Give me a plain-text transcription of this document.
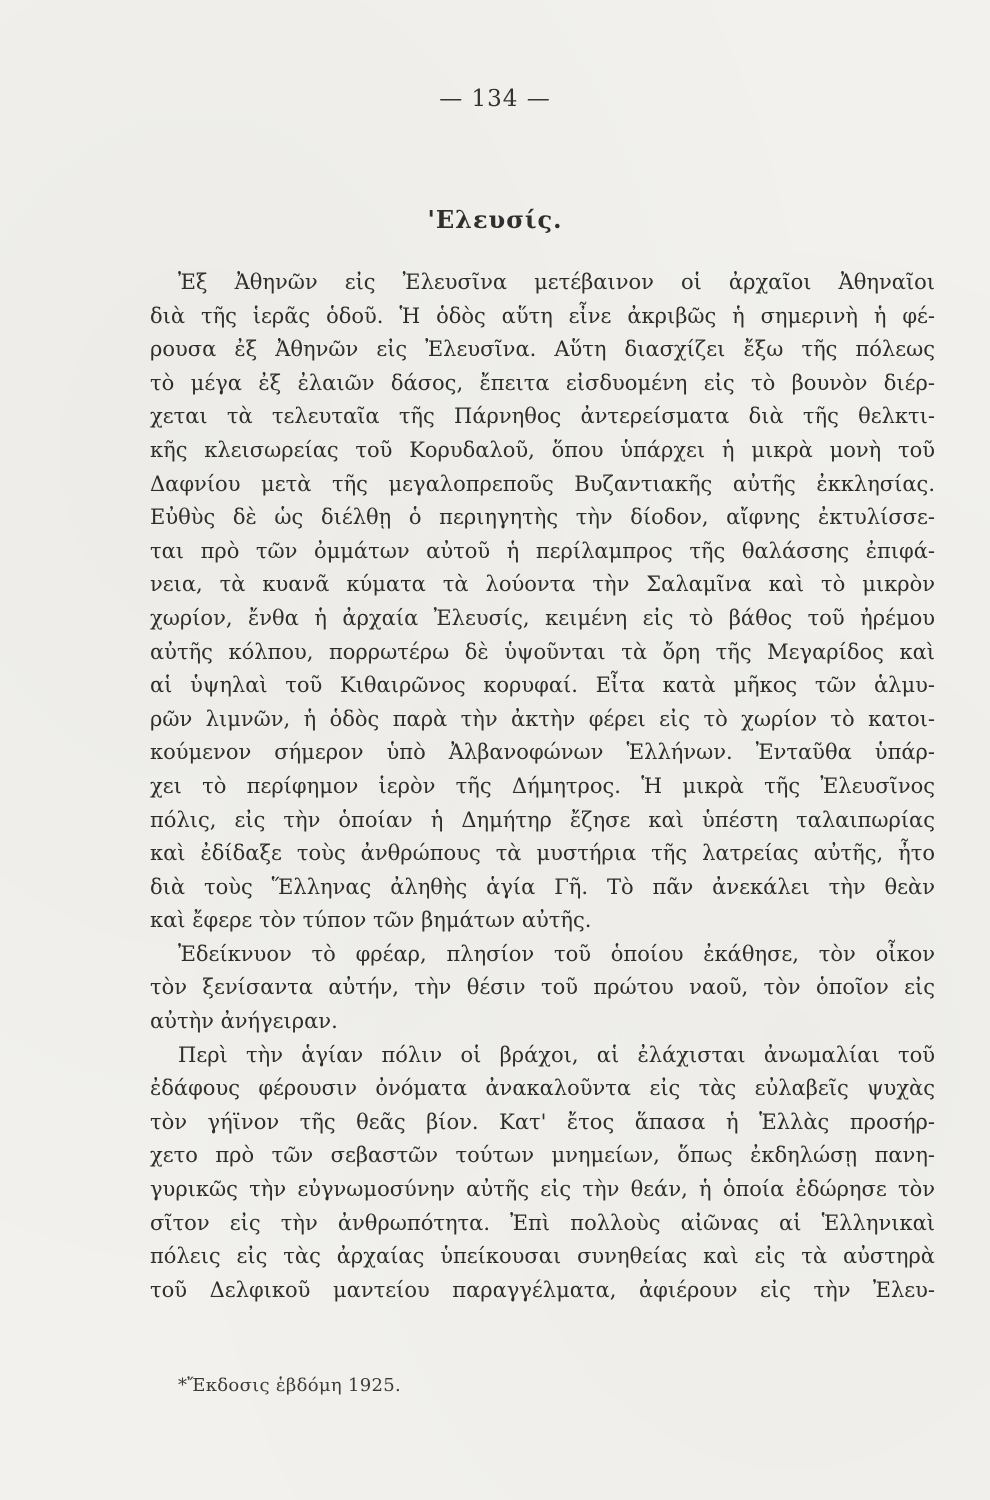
— 134 —
'Ελευσίς.
Ἐξ Ἀθηνῶν εἰς Ἐλευσῖνα μετέβαινον οἱ ἀρχαῖοι Ἀθηναῖοι
διὰ τῆς ἱερᾶς ὁδοῦ. Ἡ ὁδὸς αὕτη εἶνε ἀκριβῶς ἡ σημερινὴ ἡ φέ-
ρουσα ἐξ Ἀθηνῶν εἰς Ἐλευσῖνα. Αὕτη διασχίζει ἔξω τῆς πόλεως
τὸ μέγα ἐξ ἐλαιῶν δάσος, ἔπειτα εἰσδυομένη εἰς τὸ βουνὸν διέρ-
χεται τὰ τελευταῖα τῆς Πάρνηθος ἀντερείσματα διὰ τῆς θελκτι-
κῆς κλεισωρείας τοῦ Κορυδαλοῦ, ὅπου ὑπάρχει ἡ μικρὰ μονὴ τοῦ
Δαφνίου μετὰ τῆς μεγαλοπρεποῦς Βυζαντιακῆς αὐτῆς ἐκκλησίας.
Εὐθὺς δὲ ὡς διέλθῃ ὁ περιηγητὴς τὴν δίοδον, αἴφνης ἐκτυλίσσε-
ται πρὸ τῶν ὀμμάτων αὐτοῦ ἡ περίλαμπρος τῆς θαλάσσης ἐπιφά-
νεια, τὰ κυανᾶ κύματα τὰ λούοντα τὴν Σαλαμῖνα καὶ τὸ μικρὸν
χωρίον, ἔνθα ἡ ἀρχαία Ἐλευσίς, κειμένη εἰς τὸ βάθος τοῦ ἠρέμου
αὐτῆς κόλπου, πορρωτέρω δὲ ὑψοῦνται τὰ ὄρη τῆς Μεγαρίδος καὶ
αἱ ὑψηλαὶ τοῦ Κιθαιρῶνος κορυφαί. Εἶτα κατὰ μῆκος τῶν ἁλμυ-
ρῶν λιμνῶν, ἡ ὁδὸς παρὰ τὴν ἀκτὴν φέρει εἰς τὸ χωρίον τὸ κατοι-
κούμενον σήμερον ὑπὸ Ἀλβανοφώνων Ἑλλήνων. Ἐνταῦθα ὑπάρ-
χει τὸ περίφημον ἱερὸν τῆς Δήμητρος. Ἡ μικρὰ τῆς Ἐλευσῖνος
πόλις, εἰς τὴν ὁποίαν ἡ Δημήτηρ ἔζησε καὶ ὑπέστη ταλαιπωρίας
καὶ ἐδίδαξε τοὺς ἀνθρώπους τὰ μυστήρια τῆς λατρείας αὐτῆς, ἦτο
διὰ τοὺς Ἕλληνας ἀληθὴς ἁγία Γῆ. Τὸ πᾶν ἀνεκάλει τὴν θεὰν
καὶ ἔφερε τὸν τύπον τῶν βημάτων αὐτῆς.
Ἐδείκνυον τὸ φρέαρ, πλησίον τοῦ ὁποίου ἐκάθησε, τὸν οἶκον
τὸν ξενίσαντα αὐτήν, τὴν θέσιν τοῦ πρώτου ναοῦ, τὸν ὁποῖον εἰς
αὐτὴν ἀνήγειραν.
Περὶ τὴν ἁγίαν πόλιν οἱ βράχοι, αἱ ἐλάχισται ἀνωμαλίαι τοῦ
ἐδάφους φέρουσιν ὀνόματα ἀνακαλοῦντα εἰς τὰς εὐλαβεῖς ψυχὰς
τὸν γήϊνον τῆς θεᾶς βίον. Κατ' ἔτος ἅπασα ἡ Ἑλλὰς προσήρ-
χετο πρὸ τῶν σεβαστῶν τούτων μνημείων, ὅπως ἐκδηλώσῃ πανη-
γυρικῶς τὴν εὐγνωμοσύνην αὐτῆς εἰς τὴν θεάν, ἡ ὁποία ἐδώρησε τὸν
σῖτον εἰς τὴν ἀνθρωπότητα. Ἐπὶ πολλοὺς αἰῶνας αἱ Ἑλληνικαὶ
πόλεις εἰς τὰς ἀρχαίας ὑπείκουσαι συνηθείας καὶ εἰς τὰ αὐστηρὰ
τοῦ Δελφικοῦ μαντείου παραγγέλματα, ἀφιέρουν εἰς τὴν Ἐλευ-
*Ἔκδοσις ἑβδόμη 1925.
